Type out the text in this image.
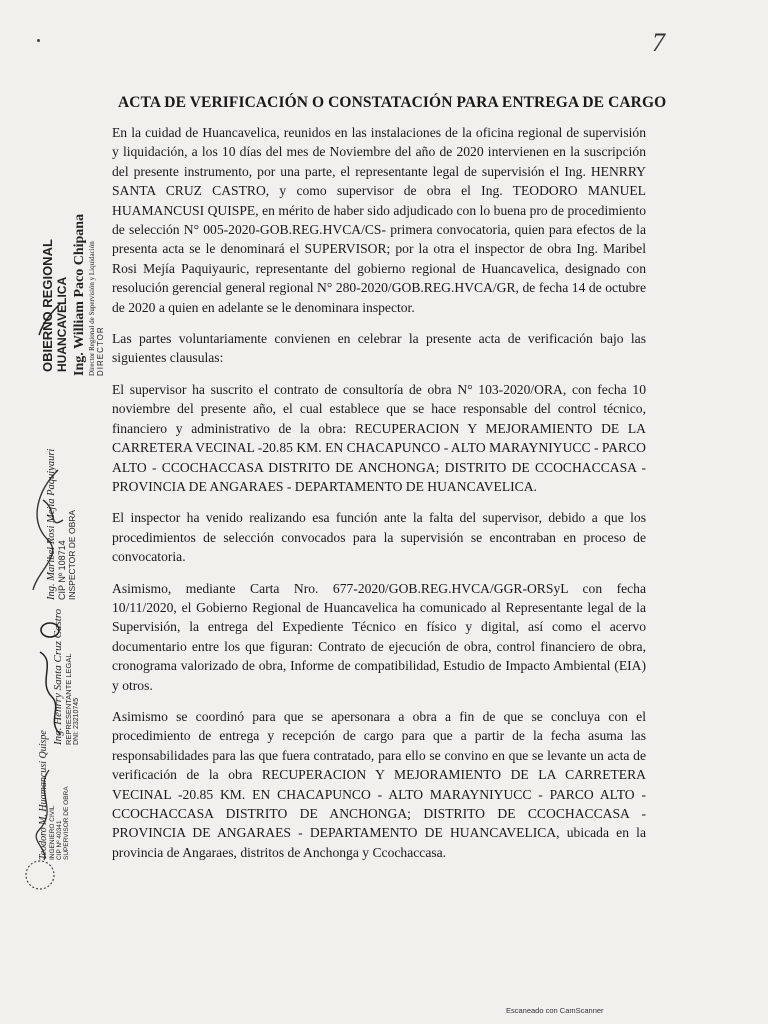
7
ACTA DE VERIFICACIÓN O CONSTATACIÓN PARA ENTREGA DE CARGO

En la cuidad de Huancavelica, reunidos en las instalaciones de la oficina regional de supervisión y liquidación, a los 10 días del mes de Noviembre del año de 2020 intervienen en la suscripción del presente instrumento, por una parte, el representante legal de supervisión el Ing. HENRRY SANTA CRUZ CASTRO, y como supervisor de obra el Ing. TEODORO MANUEL HUAMANCUSI QUISPE, en mérito de haber sido adjudicado con lo buena pro de procedimiento de selección N° 005-2020-GOB.REG.HVCA/CS- primera convocatoria, quien para efectos de la presenta acta se le denominará el SUPERVISOR; por la otra el inspector de obra Ing. Maribel Rosi Mejía Paquiyauric, representante del gobierno regional de Huancavelica, designado con resolución gerencial general regional N° 280-2020/GOB.REG.HVCA/GR, de fecha 14 de octubre de 2020 a quien en adelante se le denominara inspector.

Las partes voluntariamente convienen en celebrar la presente acta de verificación bajo las siguientes clausulas:

El supervisor ha suscrito el contrato de consultoría de obra N° 103-2020/ORA, con fecha 10 noviembre del presente año, el cual establece que se hace responsable del control técnico, financiero y administrativo de la obra: RECUPERACION Y MEJORAMIENTO DE LA CARRETERA VECINAL -20.85 KM. EN CHACAPUNCO - ALTO MARAYNIYUCC - PARCO ALTO - CCOCHACCASA DISTRITO DE ANCHONGA; DISTRITO DE CCOCHACCASA - PROVINCIA DE ANGARAES - DEPARTAMENTO DE HUANCAVELICA.

El inspector ha venido realizando esa función ante la falta del supervisor, debido a que los procedimientos de selección convocados para la supervisión se encontraban en proceso de convocatoria.

Asimismo, mediante Carta Nro. 677-2020/GOB.REG.HVCA/GGR-ORSyL con fecha 10/11/2020, el Gobierno Regional de Huancavelica ha comunicado al Representante legal de la Supervisión, la entrega del Expediente Técnico en físico y digital, así como el acervo documentario entre los que figuran: Contrato de ejecución de obra, control financiero de obra, cronograma valorizado de obra, Informe de compatibilidad, Estudio de Impacto Ambiental (EIA) y otros.

Asimismo se coordinó para que se apersonara a obra a fin de que se concluya con el procedimiento de entrega y recepción de cargo para que a partir de la fecha asuma las responsabilidades para las que fuera contratado, para ello se convino en que se levante un acta de verificación de la obra RECUPERACION Y MEJORAMIENTO DE LA CARRETERA VECINAL -20.85 KM. EN CHACAPUNCO - ALTO MARAYNIYUCC - PARCO ALTO - CCOCHACCASA DISTRITO DE ANCHONGA; DISTRITO DE CCOCHACCASA - PROVINCIA DE ANGARAES - DEPARTAMENTO DE HUANCAVELICA, ubicada en la provincia de Angaraes, distritos de Anchonga y Ccochaccasa.

OBIERNO REGIONAL HUANCAVELICA Ing. William Paco Chipana Director Regional de Supervisión y Liquidación DIRECTOR
Ing. Maribel Rosi Mejía Paquiyauri CIP Nº 108714 INSPECTOR DE OBRA
Ing. Henrry Santa Cruz Castro REPRESENTANTE LEGAL DNI: 23210745
Teodoro M. Huamancusi Quispe INGENIERO CIVIL CIP Nº 40341 SUPERVISOR DE OBRA
Escaneado con CamScanner
